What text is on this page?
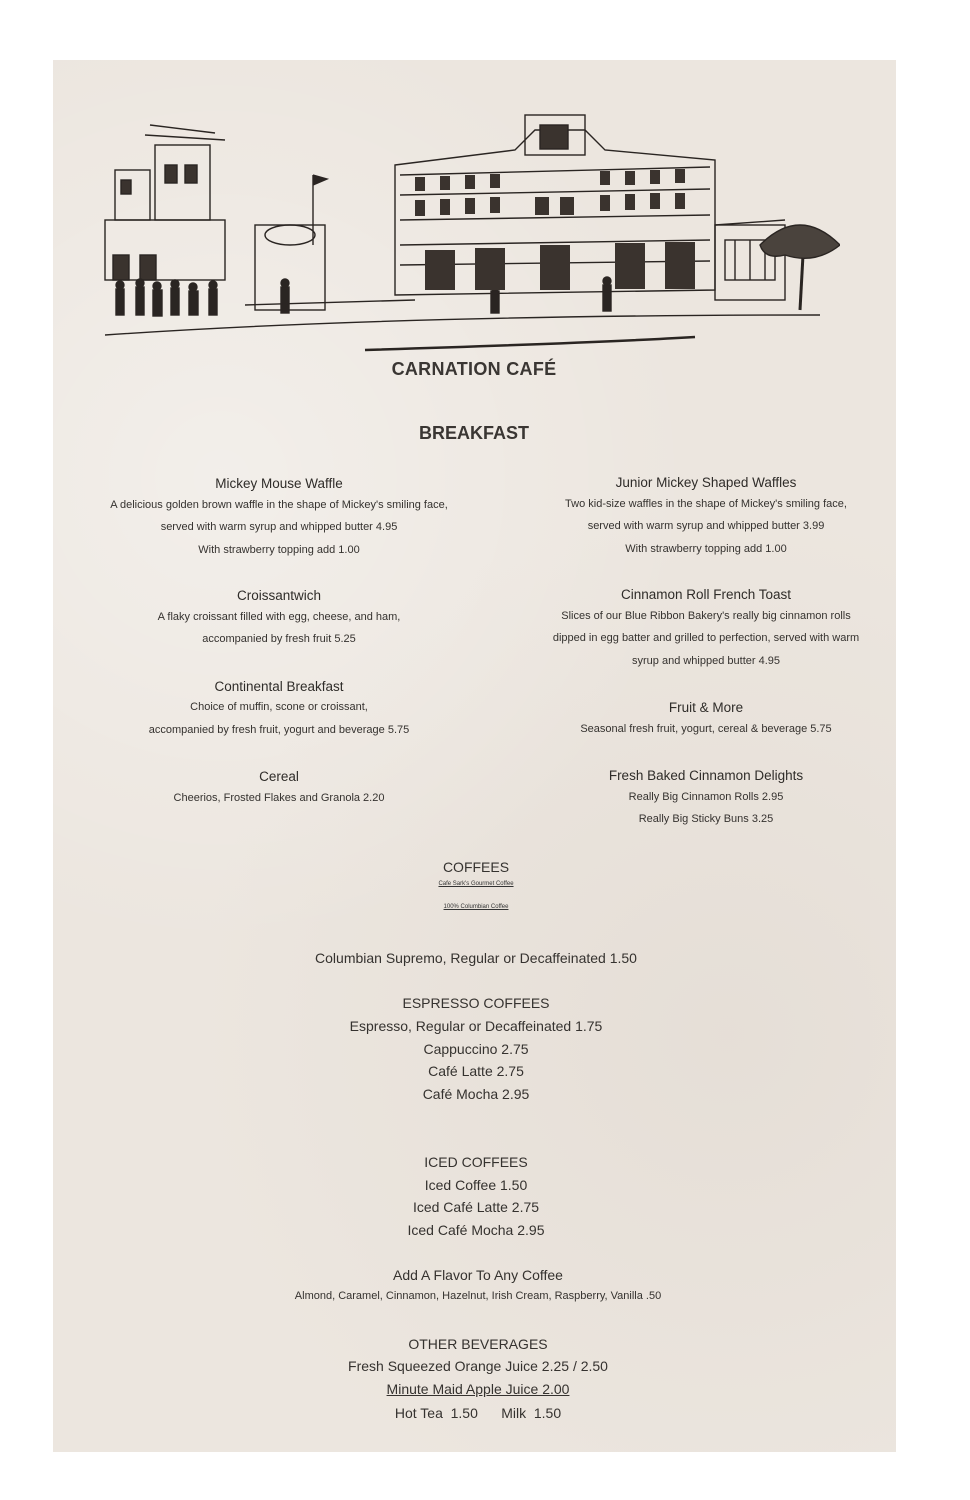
CARNATION CAFÉ
BREAKFAST
Mickey Mouse Waffle
A delicious golden brown waffle in the shape of Mickey's smiling face,
served with warm syrup and whipped butter 4.95
With strawberry topping add 1.00
Croissantwich
A flaky croissant filled with egg, cheese, and ham,
accompanied by fresh fruit 5.25
Continental Breakfast
Choice of muffin, scone or croissant,
accompanied by fresh fruit, yogurt and beverage 5.75
Cereal
Cheerios, Frosted Flakes and Granola 2.20
Junior Mickey Shaped Waffles
Two kid-size waffles in the shape of Mickey's smiling face,
served with warm syrup and whipped butter 3.99
With strawberry topping add 1.00
Cinnamon Roll French Toast
Slices of our Blue Ribbon Bakery's really big cinnamon rolls
dipped in egg batter and grilled to perfection, served with warm
syrup and whipped butter 4.95
Fruit & More
Seasonal fresh fruit, yogurt, cereal & beverage 5.75
Fresh Baked Cinnamon Delights
Really Big Cinnamon Rolls 2.95
Really Big Sticky Buns 3.25
COFFEES
Cafe Sark's Gourmet Coffee
100% Columbian Coffee
Columbian Supremo, Regular or Decaffeinated 1.50
ESPRESSO COFFEES
Espresso, Regular or Decaffeinated 1.75
Cappuccino 2.75
Café Latte 2.75
Café Mocha 2.95
ICED COFFEES
Iced Coffee 1.50
Iced Café Latte 2.75
Iced Café Mocha 2.95
Add A Flavor To Any Coffee
Almond, Caramel, Cinnamon, Hazelnut, Irish Cream, Raspberry, Vanilla .50
OTHER BEVERAGES
Fresh Squeezed Orange Juice 2.25 / 2.50
Minute Maid Apple Juice 2.00
Hot Tea  1.50      Milk  1.50
